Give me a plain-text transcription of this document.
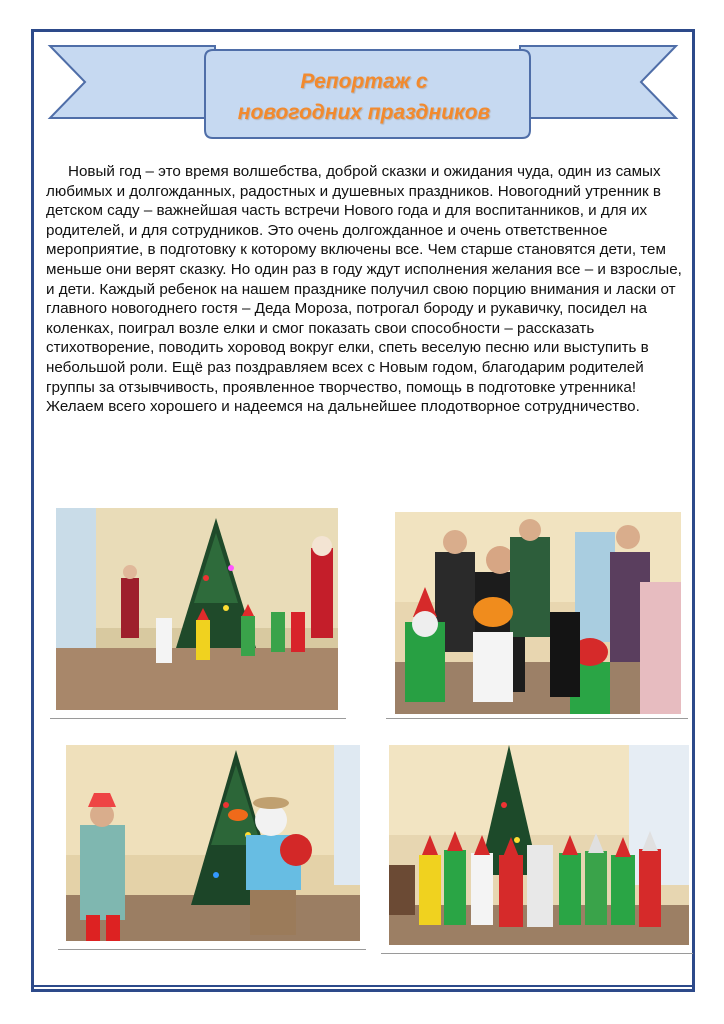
Репортаж с
новогодних праздников

Новый год – это время волшебства, доброй сказки и ожидания чуда, один из самых любимых и долгожданных, радостных и душевных праздников. Новогодний утренник в детском саду – важнейшая часть встречи Нового года и для воспитанников, и для их родителей, и для сотрудников. Это очень долгожданное и очень ответственное мероприятие, в подготовку к которому включены все. Чем старше становятся дети, тем меньше они верят сказку. Но один раз в году ждут исполнения желания все – и взрослые, и дети. Каждый ребенок на нашем празднике получил свою порцию внимания и ласки от главного новогоднего гостя – Деда Мороза, потрогал бороду и рукавичку, посидел на коленках, поиграл возле елки и смог показать свои способности – рассказать стихотворение, поводить хоровод вокруг елки, спеть веселую песню или выступить в небольшой роли. Ещё раз поздравляем всех с Новым годом, благодарим родителей группы за отзывчивость, проявленное творчество, помощь в подготовке утренника! Желаем всего хорошего и надеемся на дальнейшее плодотворное сотрудничество.
